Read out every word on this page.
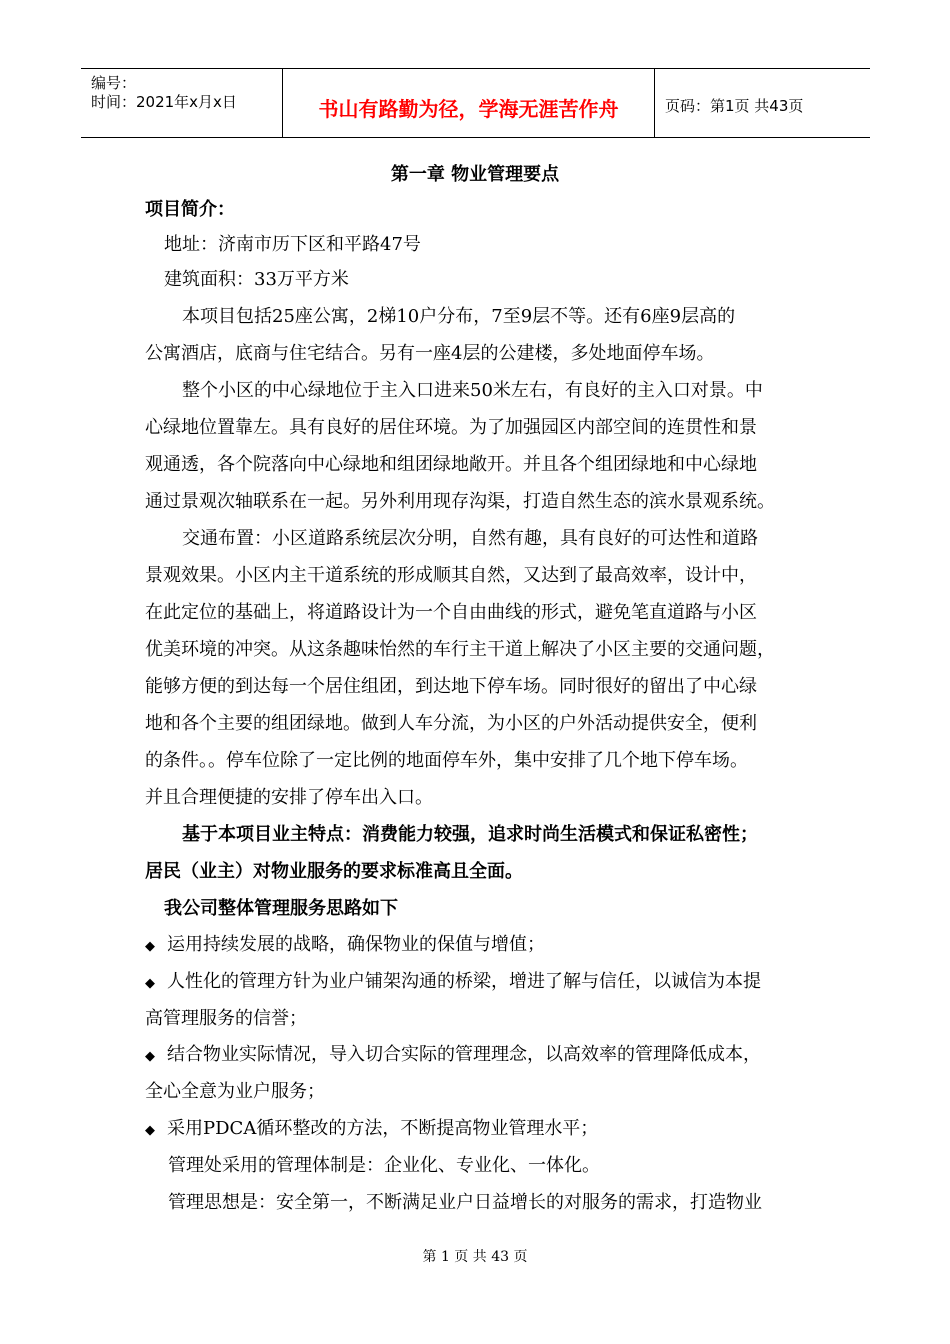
编号：
时间：2021年x月x日	书山有路勤为径，学海无涯苦作舟	页码：第1页 共43页
第一章 物业管理要点
项目简介：
地址：济南市历下区和平路47号
建筑面积：33万平方米
本项目包括25座公寓，2梯10户分布，7至9层不等。还有6座9层高的
公寓酒店，底商与住宅结合。另有一座4层的公建楼，多处地面停车场。
整个小区的中心绿地位于主入口进来50米左右，有良好的主入口对景。中
心绿地位置靠左。具有良好的居住环境。为了加强园区内部空间的连贯性和景
观通透，各个院落向中心绿地和组团绿地敞开。并且各个组团绿地和中心绿地
通过景观次轴联系在一起。另外利用现存沟渠，打造自然生态的滨水景观系统。
交通布置：小区道路系统层次分明，自然有趣，具有良好的可达性和道路
景观效果。小区内主干道系统的形成顺其自然，又达到了最高效率，设计中，
在此定位的基础上，将道路设计为一个自由曲线的形式，避免笔直道路与小区
优美环境的冲突。从这条趣味怡然的车行主干道上解决了小区主要的交通问题，
能够方便的到达每一个居住组团，到达地下停车场。同时很好的留出了中心绿
地和各个主要的组团绿地。做到人车分流，为小区的户外活动提供安全，便利
的条件。。停车位除了一定比例的地面停车外，集中安排了几个地下停车场。
并且合理便捷的安排了停车出入口。
基于本项目业主特点：消费能力较强，追求时尚生活模式和保证私密性；
居民（业主）对物业服务的要求标准高且全面。
我公司整体管理服务思路如下
◆ 运用持续发展的战略，确保物业的保值与增值；
◆ 人性化的管理方针为业户铺架沟通的桥梁，增进了解与信任，以诚信为本提
高管理服务的信誉；
◆ 结合物业实际情况，导入切合实际的管理理念，以高效率的管理降低成本，
全心全意为业户服务；
◆ 采用PDCA循环整改的方法，不断提高物业管理水平；
管理处采用的管理体制是：企业化、专业化、一体化。
管理思想是：安全第一，不断满足业户日益增长的对服务的需求，打造物业
第 1 页 共 43 页
